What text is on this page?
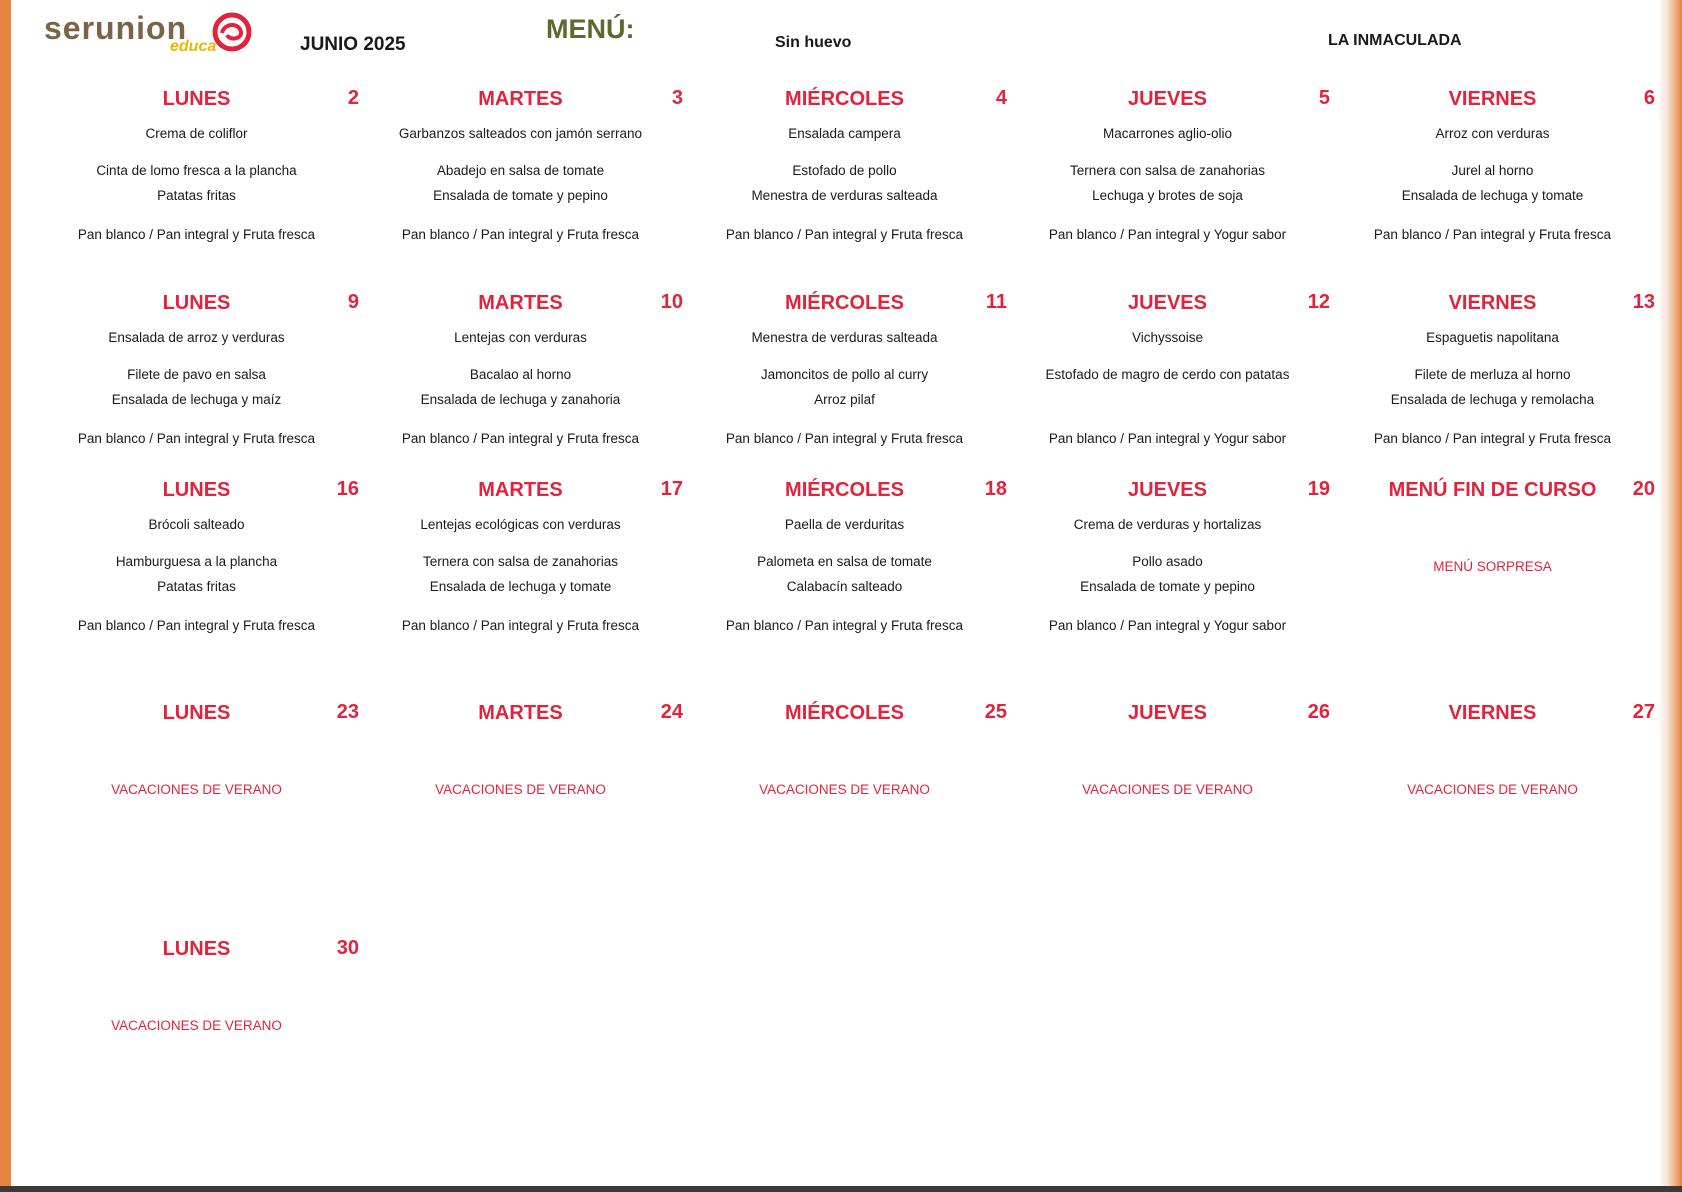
serunion
educa	JUNIO 2025
MENÚ:	Sin huevo	LA INMACULADA
LUNES	2
Crema de coliflor
Cinta de lomo fresca a la plancha
Patatas fritas
Pan blanco / Pan integral y Fruta fresca
MARTES	3
Garbanzos salteados con jamón serrano
Abadejo en salsa de tomate
Ensalada de tomate y pepino
Pan blanco / Pan integral y Fruta fresca
MIÉRCOLES	4
Ensalada campera
Estofado de pollo
Menestra de verduras salteada
Pan blanco / Pan integral y Fruta fresca
JUEVES	5
Macarrones aglio-olio
Ternera con salsa de zanahorias
Lechuga y brotes de soja
Pan blanco / Pan integral y Yogur sabor
VIERNES	6
Arroz con verduras
Jurel al horno
Ensalada de lechuga y tomate
Pan blanco / Pan integral y Fruta fresca
LUNES	9
Ensalada de arroz y verduras
Filete de pavo en salsa
Ensalada de lechuga y maíz
Pan blanco / Pan integral y Fruta fresca
MARTES	10
Lentejas con verduras
Bacalao al horno
Ensalada de lechuga y zanahoria
Pan blanco / Pan integral y Fruta fresca
MIÉRCOLES	11
Menestra de verduras salteada
Jamoncitos de pollo al curry
Arroz pilaf
Pan blanco / Pan integral y Fruta fresca
JUEVES	12
Vichyssoise
Estofado de magro de cerdo con patatas
Pan blanco / Pan integral y Yogur sabor
VIERNES	13
Espaguetis napolitana
Filete de merluza al horno
Ensalada de lechuga y remolacha
Pan blanco / Pan integral y Fruta fresca
LUNES	16
Brócoli salteado
Hamburguesa a la plancha
Patatas fritas
Pan blanco / Pan integral y Fruta fresca
MARTES	17
Lentejas ecológicas con verduras
Ternera con salsa de zanahorias
Ensalada de lechuga y tomate
Pan blanco / Pan integral y Fruta fresca
MIÉRCOLES	18
Paella de verduritas
Palometa en salsa de tomate
Calabacín salteado
Pan blanco / Pan integral y Fruta fresca
JUEVES	19
Crema de verduras y hortalizas
Pollo asado
Ensalada de tomate y pepino
Pan blanco / Pan integral y Yogur sabor
MENÚ FIN DE CURSO	20
MENÚ SORPRESA
LUNES	23
VACACIONES DE VERANO
MARTES	24
VACACIONES DE VERANO
MIÉRCOLES	25
VACACIONES DE VERANO
JUEVES	26
VACACIONES DE VERANO
VIERNES	27
VACACIONES DE VERANO
LUNES	30
VACACIONES DE VERANO
